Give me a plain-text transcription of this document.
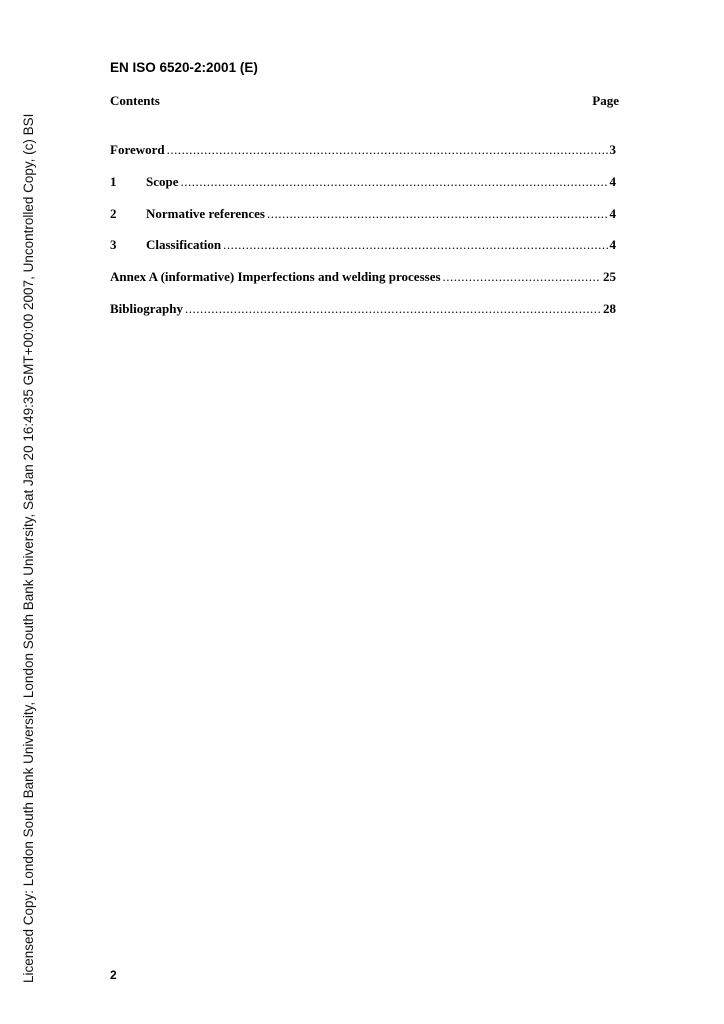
Licensed Copy: London South Bank University, London South Bank University, Sat Jan 20 16:49:35 GMT+00:00 2007, Uncontrolled Copy, (c) BSI
EN ISO 6520-2:2001 (E)
Contents	Page
Foreword .....	3
1	Scope .....	4
2	Normative references .....	4
3	Classification .....	4
Annex A (informative) Imperfections and welding processes .....	25
Bibliography .....	28
2
